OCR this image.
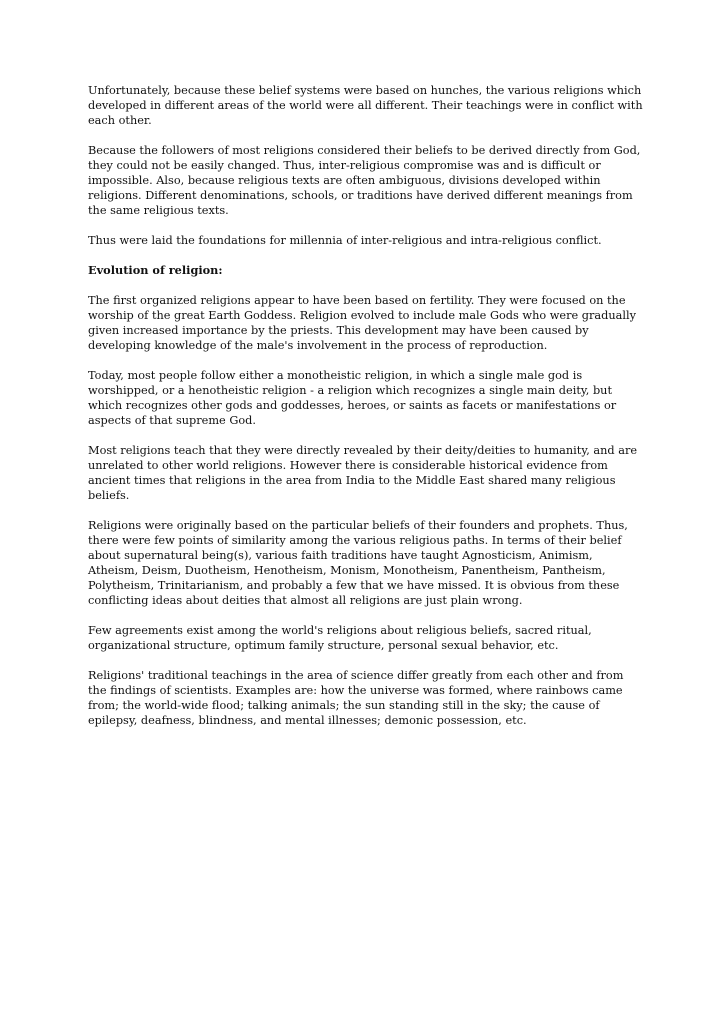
Unfortunately, because these belief systems were based on hunches, the various religions which developed in different areas of the world were all different. Their teachings were in conflict with each other.

Because the followers of most religions considered their beliefs to be derived directly from God, they could not be easily changed. Thus, inter-religious compromise was and is difficult or impossible. Also, because religious texts are often ambiguous, divisions developed within religions. Different denominations, schools, or traditions have derived different meanings from the same religious texts.

Thus were laid the foundations for millennia of inter-religious and intra-religious conflict.

Evolution of religion:

The first organized religions appear to have been based on fertility. They were focused on the worship of the great Earth Goddess. Religion evolved to include male Gods who were gradually given increased importance by the priests. This development may have been caused by developing knowledge of the male's involvement in the process of reproduction.

Today, most people follow either a monotheistic religion, in which a single male god is worshipped, or a henotheistic religion - a religion which recognizes a single main deity, but which recognizes other gods and goddesses, heroes, or saints as facets or manifestations or aspects of that supreme God.

Most religions teach that they were directly revealed by their deity/deities to humanity, and are unrelated to other world religions. However there is considerable historical evidence from ancient times that religions in the area from India to the Middle East shared many religious beliefs.

Religions were originally based on the particular beliefs of their founders and prophets. Thus, there were few points of similarity among the various religious paths. In terms of their belief about supernatural being(s), various faith traditions have taught Agnosticism, Animism, Atheism, Deism, Duotheism, Henotheism, Monism, Monotheism, Panentheism, Pantheism, Polytheism, Trinitarianism, and probably a few that we have missed. It is obvious from these conflicting ideas about deities that almost all religions are just plain wrong.

Few agreements exist among the world's religions about religious beliefs, sacred ritual, organizational structure, optimum family structure, personal sexual behavior, etc.

Religions' traditional teachings in the area of science differ greatly from each other and from the findings of scientists. Examples are: how the universe was formed, where rainbows came from; the world-wide flood; talking animals; the sun standing still in the sky; the cause of epilepsy, deafness, blindness, and mental illnesses; demonic possession, etc.
